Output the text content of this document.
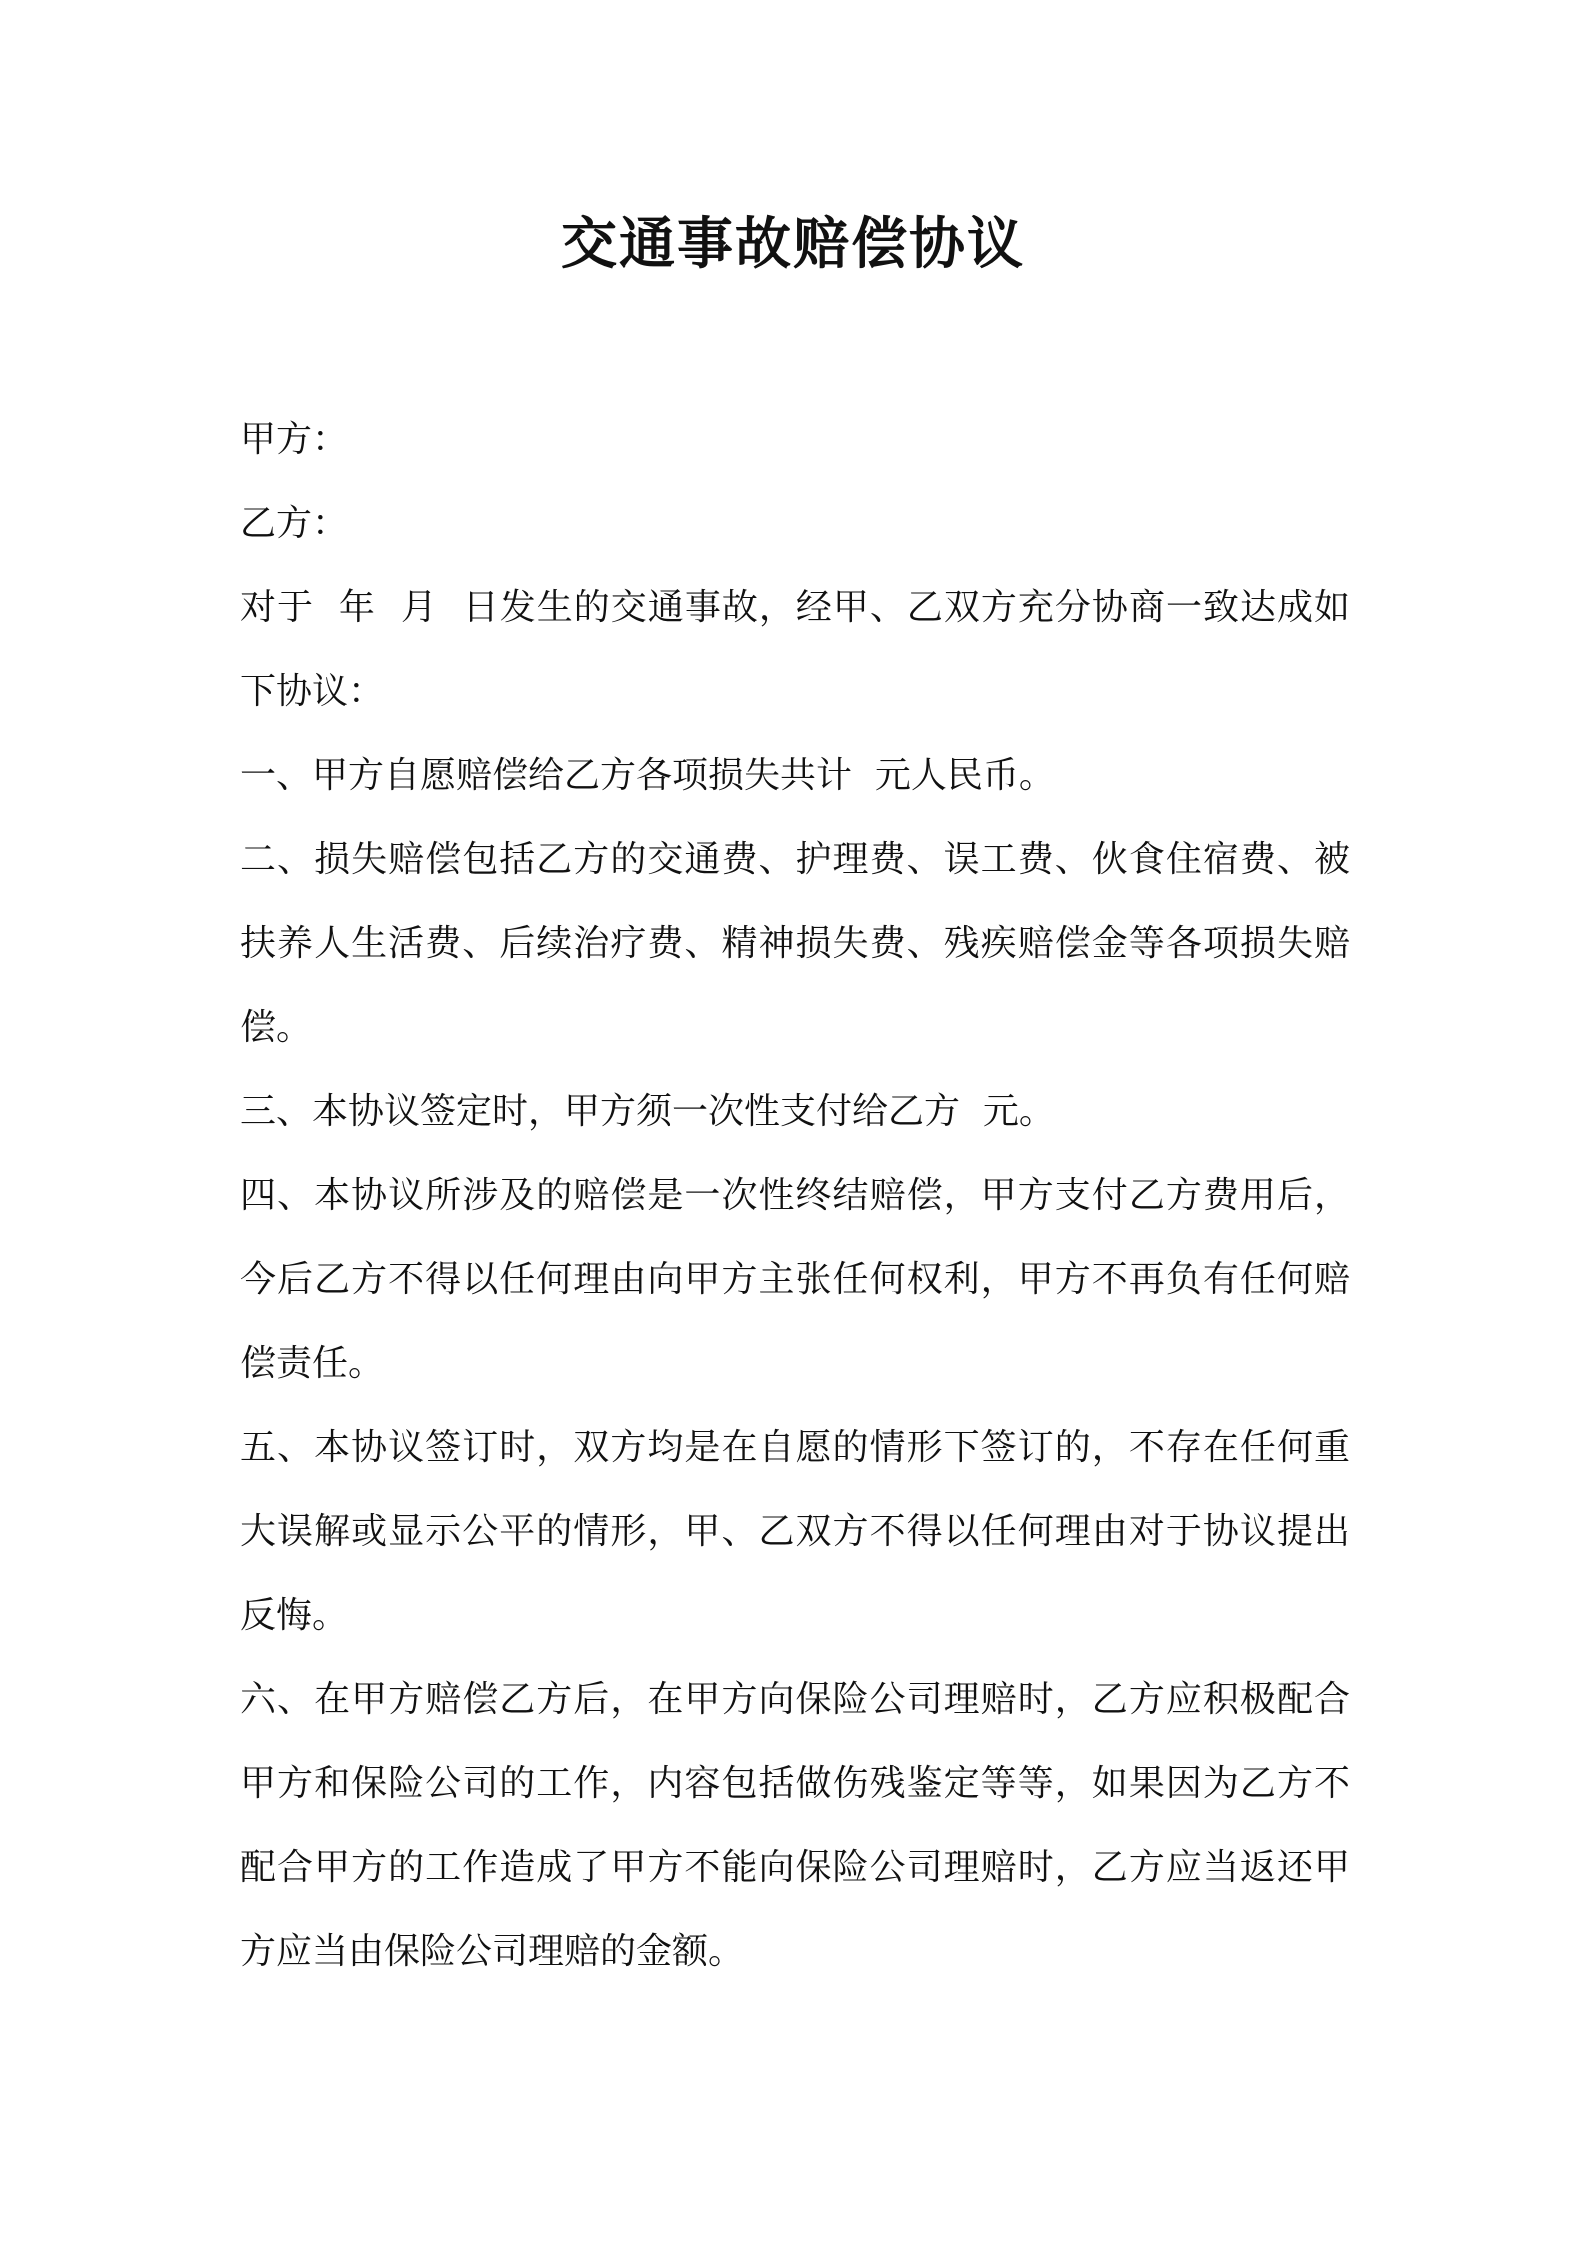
交通事故赔偿协议

甲方：

乙方：

对于  年  月  日发生的交通事故，经甲、乙双方充分协商一致达成如下协议：

一、甲方自愿赔偿给乙方各项损失共计  元人民币。

二、损失赔偿包括乙方的交通费、护理费、误工费、伙食住宿费、被扶养人生活费、后续治疗费、精神损失费、残疾赔偿金等各项损失赔偿。

三、本协议签定时，甲方须一次性支付给乙方  元。

四、本协议所涉及的赔偿是一次性终结赔偿，甲方支付乙方费用后，今后乙方不得以任何理由向甲方主张任何权利，甲方不再负有任何赔偿责任。

五、本协议签订时，双方均是在自愿的情形下签订的，不存在任何重大误解或显示公平的情形，甲、乙双方不得以任何理由对于协议提出反悔。

六、在甲方赔偿乙方后，在甲方向保险公司理赔时，乙方应积极配合甲方和保险公司的工作，内容包括做伤残鉴定等等，如果因为乙方不配合甲方的工作造成了甲方不能向保险公司理赔时，乙方应当返还甲方应当由保险公司理赔的金额。
